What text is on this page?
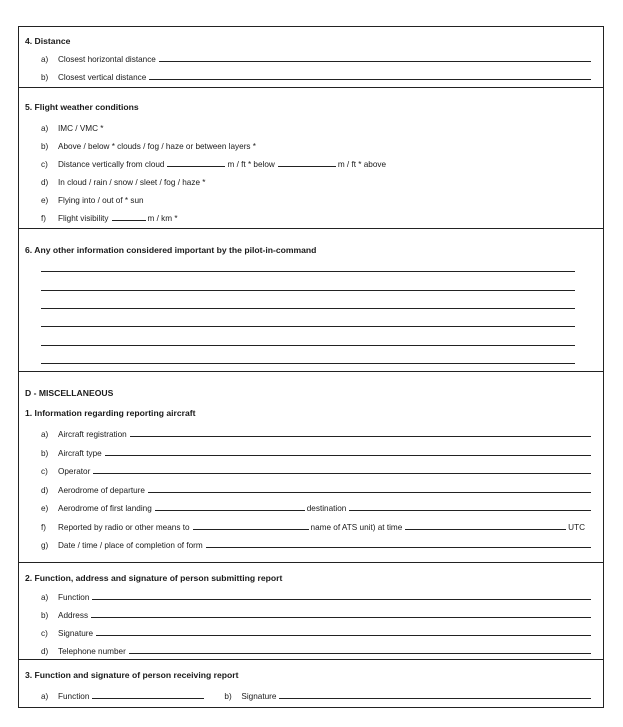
4. Distance
a)	Closest horizontal distance
b)	Closest vertical distance
5. Flight weather conditions
a)	IMC / VMC *
b)	Above / below * clouds / fog / haze or between layers *
c)	Distance vertically from cloud	m / ft * below	m / ft * above
d)	In cloud / rain / snow / sleet / fog / haze *
e)	Flying into / out of * sun
f)	Flight visibility	m / km *
6. Any other information considered important by the pilot-in-command
D - MISCELLANEOUS
1. Information regarding reporting aircraft
a)	Aircraft registration
b)	Aircraft type
c)	Operator
d)	Aerodrome of departure
e)	Aerodrome of first landing	destination
f)	Reported by radio or other means to	name of ATS unit) at time	UTC
g)	Date / time / place of completion of form
2. Function, address and signature of person submitting report
a)	Function
b)	Address
c)	Signature
d)	Telephone number
3. Function and signature of person receiving report
a)	Function	b)	Signature
